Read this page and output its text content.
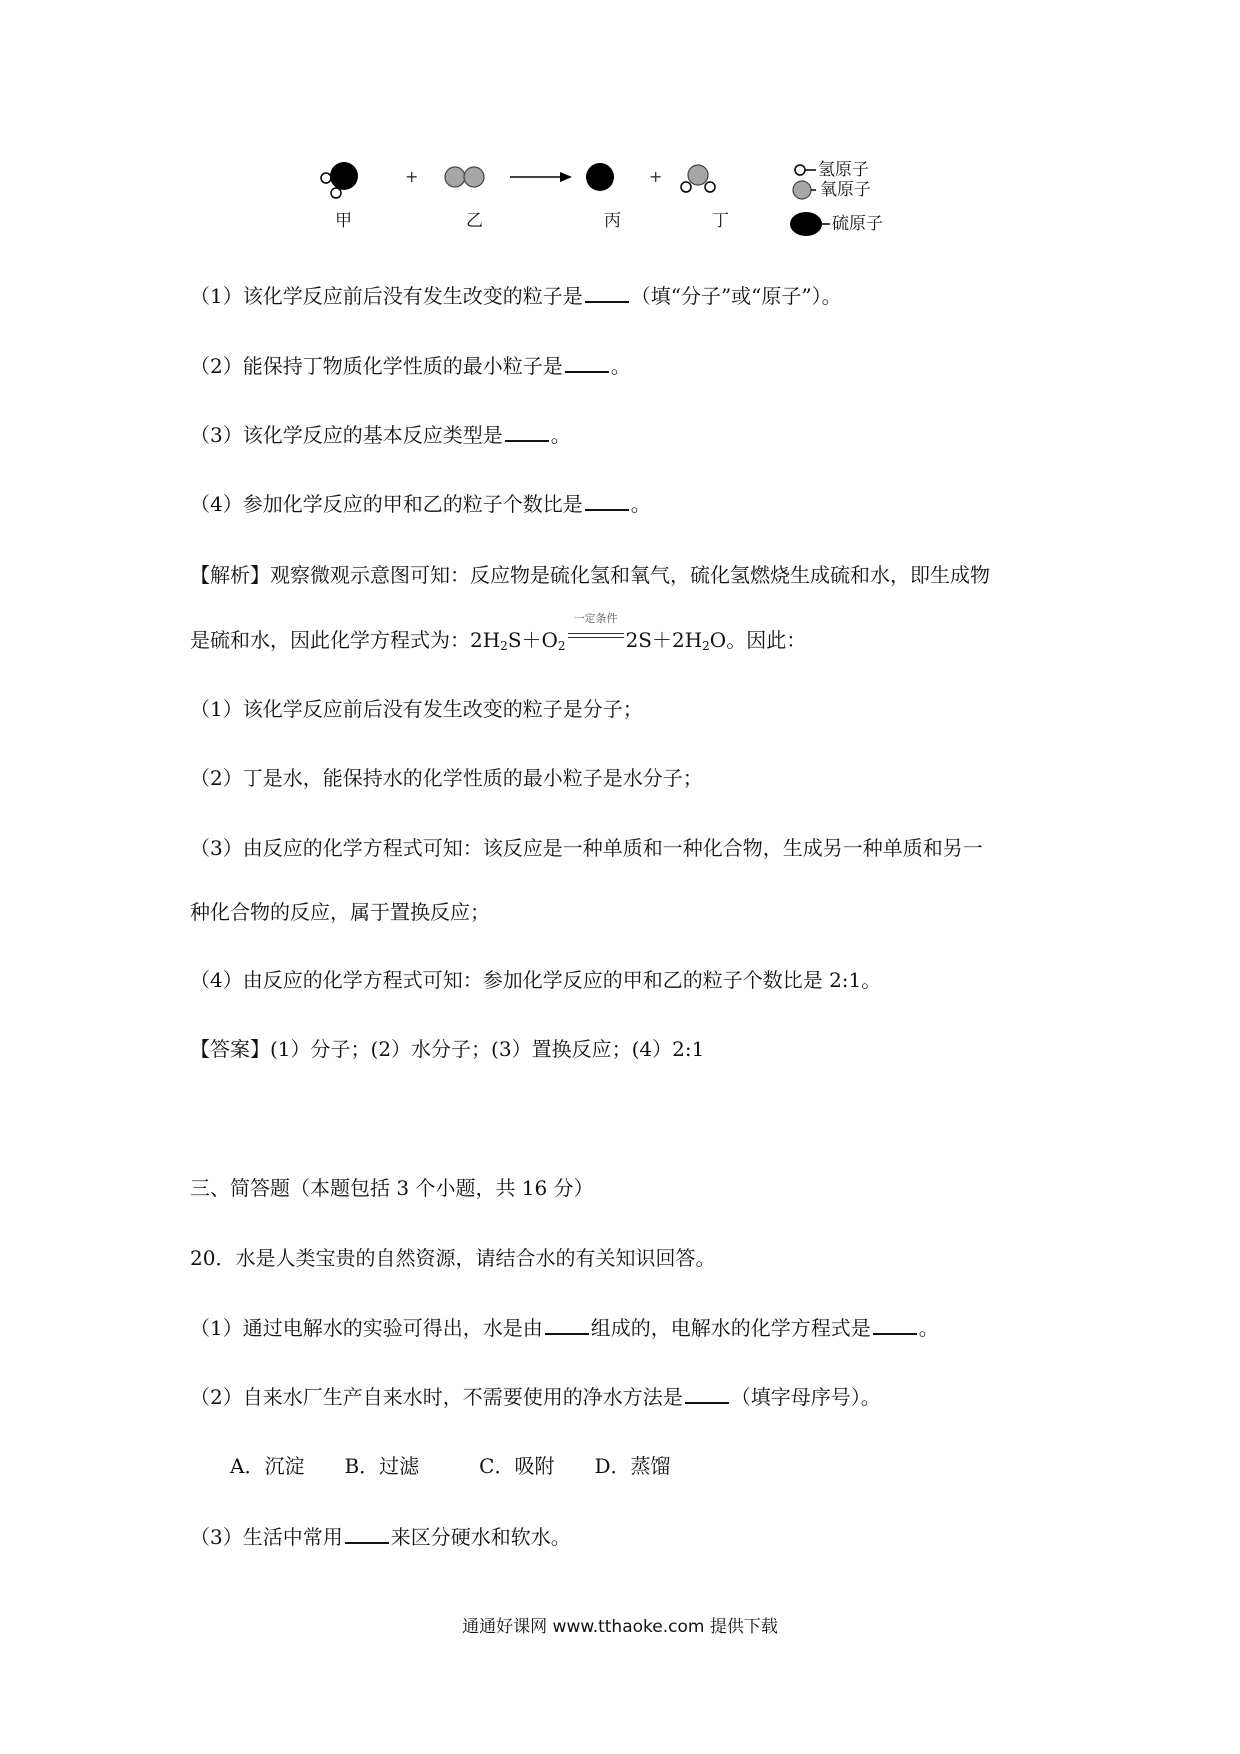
+	+
甲	乙	丙	丁
氢原子
氧原子
硫原子

（1）该化学反应前后没有发生改变的粒子是 （填“分子”或“原子”）。

（2）能保持丁物质化学性质的最小粒子是 。

（3）该化学反应的基本反应类型是 。

（4）参加化学反应的甲和乙的粒子个数比是 。

【解析】观察微观示意图可知：反应物是硫化氢和氧气，硫化氢燃烧生成硫和水，即生成物

是硫和水，因此化学方程式为：$2H_2S+O_2$
一定条件
$2S+2H_2O$。因此：

（1）该化学反应前后没有发生改变的粒子是分子；

（2）丁是水，能保持水的化学性质的最小粒子是水分子；

（3）由反应的化学方程式可知：该反应是一种单质和一种化合物，生成另一种单质和另一

种化合物的反应，属于置换反应；

（4）由反应的化学方程式可知：参加化学反应的甲和乙的粒子个数比是 2:1。

【答案】(1）分子；(2）水分子；(3）置换反应；(4）2:1

三、简答题（本题包括 3 个小题，共 16 分）

20．水是人类宝贵的自然资源，请结合水的有关知识回答。

（1）通过电解水的实验可得出，水是由 组成的，电解水的化学方程式是 。

（2）自来水厂生产自来水时，不需要使用的净水方法是 （填字母序号）。

A．沉淀　　B．过滤　　　C．吸附　　D．蒸馏

（3）生活中常用 来区分硬水和软水。

通通好课网 www.tthaoke.com 提供下载
